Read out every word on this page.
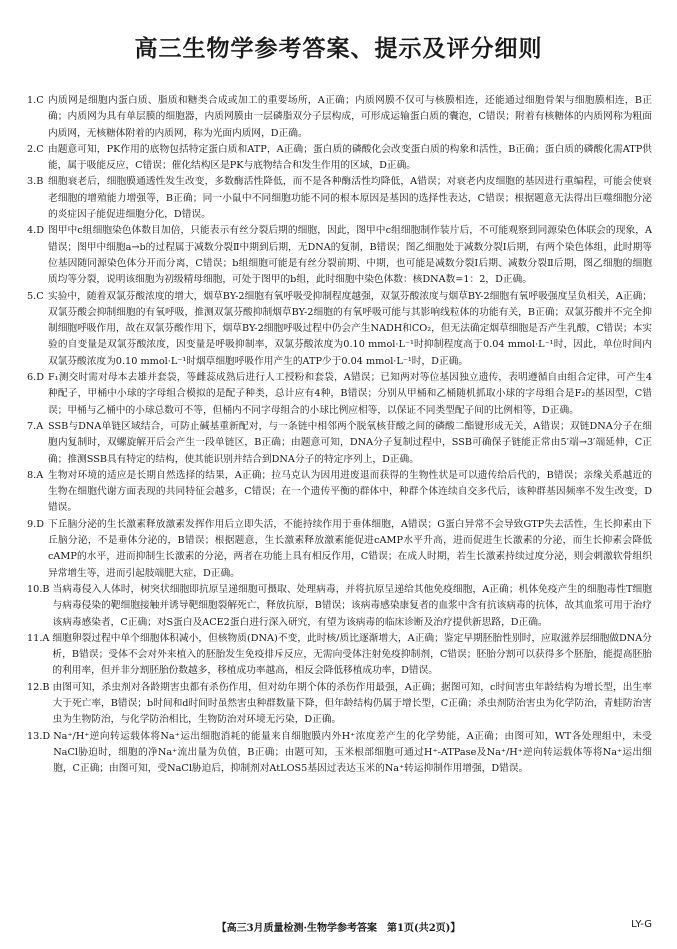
高三生物学参考答案、提示及评分细则
1.C 内质网是细胞内蛋白质、脂质和糖类合成或加工的重要场所，A正确；内质网膜不仅可与核膜相连，还能通过细胞骨架与细胞膜相连，B正确；内质网为具有单层膜的细胞器，内质网膜由一层磷脂双分子层构成，可形成运输蛋白质的囊泡，C错误；附着有核糖体的内质网称为粗面内质网，无核糖体附着的内质网，称为光面内质网，D正确。
2.C 由题意可知，PK作用的底物包括特定蛋白质和ATP，A正确；蛋白质的磷酸化会改变蛋白质的构象和活性，B正确；蛋白质的磷酸化需ATP供能，属于吸能反应，C错误；催化结构区是PK与底物结合和发生作用的区域，D正确。
3.B 细胞衰老后，细胞膜通透性发生改变，多数酶活性降低，而不是各种酶活性均降低，A错误；对衰老内皮细胞的基因进行重编程，可能会使衰老细胞的增殖能力增强等，B正确；同一小鼠中不同细胞功能不同的根本原因是基因的选择性表达，C错误；根据题意无法得出巨噬细胞分泌的炎症因子能促进细胞分化，D错误。
4.D 图甲中c组细胞染色体数目加倍，只能表示有丝分裂后期的细胞，因此，图甲中c组细胞制作装片后，不可能观察到同源染色体联会的现象，A错误；图甲中细胞a→b的过程属于减数分裂Ⅱ中期到后期，无DNA的复制，B错误；图乙细胞处于减数分裂Ⅰ后期，有两个染色体组，此时期等位基因随同源染色体分开而分离，C错误；b组细胞可能是有丝分裂前期、中期，也可能是减数分裂Ⅰ后期、减数分裂Ⅱ后期，图乙细胞的细胞质均等分裂，说明该细胞为初级精母细胞，可处于图甲的b组，此时细胞中染色体数：核DNA数=1：2，D正确。
5.C 实验中，随着双氯芬酸浓度的增大，烟草BY-2细胞有氧呼吸受抑制程度越强，双氯芬酸浓度与烟草BY-2细胞有氧呼吸强度呈负相关，A正确；双氯芬酸会抑制细胞的有氧呼吸，推测双氯芬酸抑制烟草BY-2细胞的有氧呼吸可能与其影响线粒体的功能有关，B正确；双氯芬酸并不完全抑制细胞呼吸作用，故在双氯芬酸作用下，烟草BY-2细胞呼吸过程中仍会产生NADH和CO₂，但无法确定烟草细胞是否产生乳酸，C错误；本实验的自变量是双氯芬酸浓度，因变量是呼吸抑制率，双氯芬酸浓度为0.10 mmol·L⁻¹时抑制程度高于0.04 mmol·L⁻¹时，因此，单位时间内双氯芬酸浓度为0.10 mmol·L⁻¹时烟草细胞呼吸作用产生的ATP少于0.04 mmol·L⁻¹时，D正确。
6.D F₁测交时需对母本去雄并套袋，等雌蕊成熟后进行人工授粉和套袋，A错误；已知两对等位基因独立遗传，表明遵循自由组合定律，可产生4种配子，甲桶中小球的字母组合模拟的是配子种类，总计应有4种，B错误；分别从甲桶和乙桶随机抓取小球的字母组合是F₂的基因型，C错误；甲桶与乙桶中的小球总数可不等，但桶内不同字母组合的小球比例应相等，以保证不同类型配子间的比例相等，D正确。
7.A SSB与DNA单链区域结合，可防止碱基重新配对，与一条链中相邻两个脱氧核苷酸之间的磷酸二酯键形成无关，A错误；双链DNA分子在细胞内复制时，双螺旋解开后会产生一段单链区，B正确；由题意可知，DNA分子复制过程中，SSB可确保子链能正常由5′端→3′端延伸，C正确；推测SSB具有特定的结构，使其能识别并结合到DNA分子的特定序列上，D正确。
8.A 生物对环境的适应是长期自然选择的结果，A正确；拉马克认为因用进废退而获得的生物性状是可以遗传给后代的，B错误；亲缘关系越近的生物在细胞代谢方面表现的共同特征会越多，C错误；在一个遗传平衡的群体中，种群个体连续自交多代后，该种群基因频率不发生改变，D错误。
9.D 下丘脑分泌的生长激素释放激素发挥作用后立即失活，不能持续作用于垂体细胞，A错误；G蛋白异常不会导致GTP失去活性，生长抑素由下丘脑分泌，不是垂体分泌的，B错误；根据题意，生长激素释放激素能促进cAMP水平升高，进而促进生长激素的分泌，而生长抑素会降低cAMP的水平，进而抑制生长激素的分泌，两者在功能上具有相反作用，C错误；在成人时期，若生长激素持续过度分泌，则会刺激软骨组织异常增生等，进而引起肢端肥大症，D正确。
10.B 当病毒侵入人体时，树突状细胞即抗原呈递细胞可摄取、处理病毒，并将抗原呈递给其他免疫细胞，A正确；机体免疫产生的细胞毒性T细胞与病毒侵染的靶细胞接触并诱导靶细胞裂解死亡，释放抗原，B错误；该病毒感染康复者的血浆中含有抗该病毒的抗体，故其血浆可用于治疗该病毒感染者，C正确；对S蛋白及ACE2蛋白进行深入研究，有望为该病毒的临床诊断及治疗提供新思路，D正确。
11.A 细胞卵裂过程中单个细胞体积减小，但核物质(DNA)不变，此时核/质比逐渐增大，A正确；鉴定早期胚胎性别时，应取滋养层细胞做DNA分析，B错误；受体不会对外来植入的胚胎发生免疫排斥反应，无需向受体注射免疫抑制剂，C错误；胚胎分割可以获得多个胚胎，能提高胚胎的利用率，但并非分割胚胎份数越多，移植成功率越高，相反会降低移植成功率，D错误。
12.B 由图可知，杀虫剂对各龄期害虫都有杀伤作用，但对幼年期个体的杀伤作用最强，A正确；据图可知，c时间害虫年龄结构为增长型，出生率大于死亡率，B错误；b时间和d时间时虽然害虫种群数量下降，但年龄结构仍属于增长型，C正确；杀虫剂防治害虫为化学防治，青蛙防治害虫为生物防治，与化学防治相比，生物防治对环境无污染，D正确。
13.D Na⁺/H⁺逆向转运载体将Na⁺运出细胞消耗的能量来自细胞膜内外H⁺浓度差产生的化学势能，A正确；由图可知，WT各处理组中，未受NaCl胁迫时，细胞的净Na⁺流出量为负值，B正确；由题可知，玉米根部细胞可通过H⁺-ATPase及Na⁺/H⁺逆向转运载体等将Na⁺运出细胞，C正确；由图可知，受NaCl胁迫后，抑制剂对AtLOS5基因过表达玉米的Na⁺转运抑制作用增强，D错误。
【高三3月质量检测·生物学参考答案　第1页(共2页)】	LY-G
